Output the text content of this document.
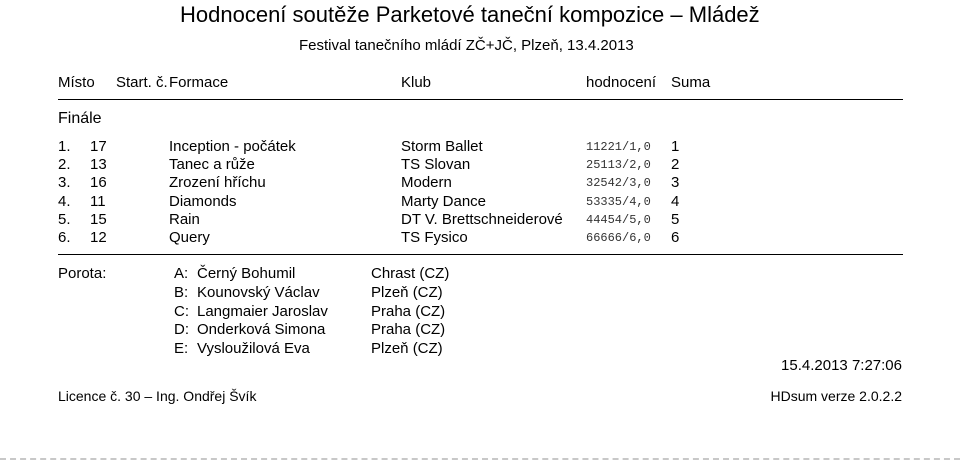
Hodnocení soutěže Parketové taneční kompozice – Mládež
Festival tanečního mládí ZČ+JČ, Plzeň, 13.4.2013
Místo Start. č. Formace	Klub	hodnocení Suma
Finále
1. 17	Inception - počátek	Storm Ballet	11221/1,0 1
2. 13	Tanec a růže	TS Slovan	25113/2,0 2
3. 16	Zrození hříchu	Modern	32542/3,0 3
4. 11	Diamonds	Marty Dance	53335/4,0 4
5. 15	Rain	DT V. Brettschneiderové 44454/5,0 5
6. 12	Query	TS Fysico	66666/6,0 6
Porota:	A: Černý Bohumil	Chrast (CZ)
B: Kounovský Václav	Plzeň (CZ)
C: Langmaier Jaroslav	Praha (CZ)
D: Onderková Simona	Praha (CZ)
E: Vysloužilová Eva	Plzeň (CZ)
15.4.2013 7:27:06
Licence č. 30 – Ing. Ondřej Švík	HDsum verze 2.0.2.2
